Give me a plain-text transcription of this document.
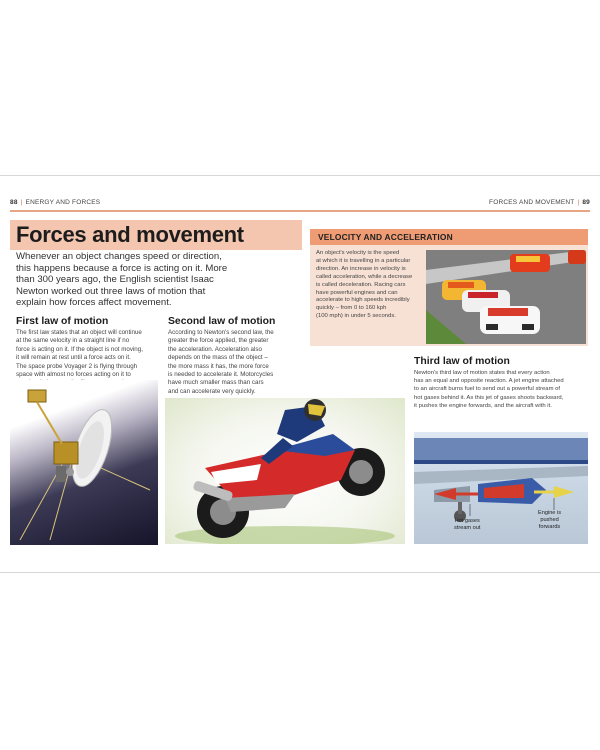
88 | ENERGY AND FORCES	FORCES AND MOVEMENT | 89
Forces and movement
Whenever an object changes speed or direction, this happens because a force is acting on it. More than 300 years ago, the English scientist Isaac Newton worked out three laws of motion that explain how forces affect movement.
First law of motion
The first law states that an object will continue
at the same velocity in a straight line if no
force is acting on it. If the object is not moving,
it will remain at rest until a force acts on it.
The space probe Voyager 2 is flying through
space with almost no forces acting on it to
Second law of motion
According to Newton's second law, the
greater the force applied, the greater
the acceleration. Acceleration also
depends on the mass of the object –
the more mass it has, the more force
is needed to accelerate it. Motorcycles
have much smaller mass than cars
and can accelerate very quickly.
VELOCITY AND ACCELERATION
An object's velocity is the speed
at which it is travelling in a particular
direction. An increase in velocity is
called acceleration, while a decrease
is called deceleration. Racing cars
have powerful engines and can
accelerate to high speeds incredibly
quickly – from 0 to 160 kph
(100 mph) in under 5 seconds.
Third law of motion
Newton's third law of motion states that every action
has an equal and opposite reaction. A jet engine attached
to an aircraft burns fuel to send out a powerful stream of
hot gases behind it. As this jet of gases shoots backward,
it pushes the engine forwards, and the aircraft with it.
Hot gases
stream out
Engine is
pushed
forwards
